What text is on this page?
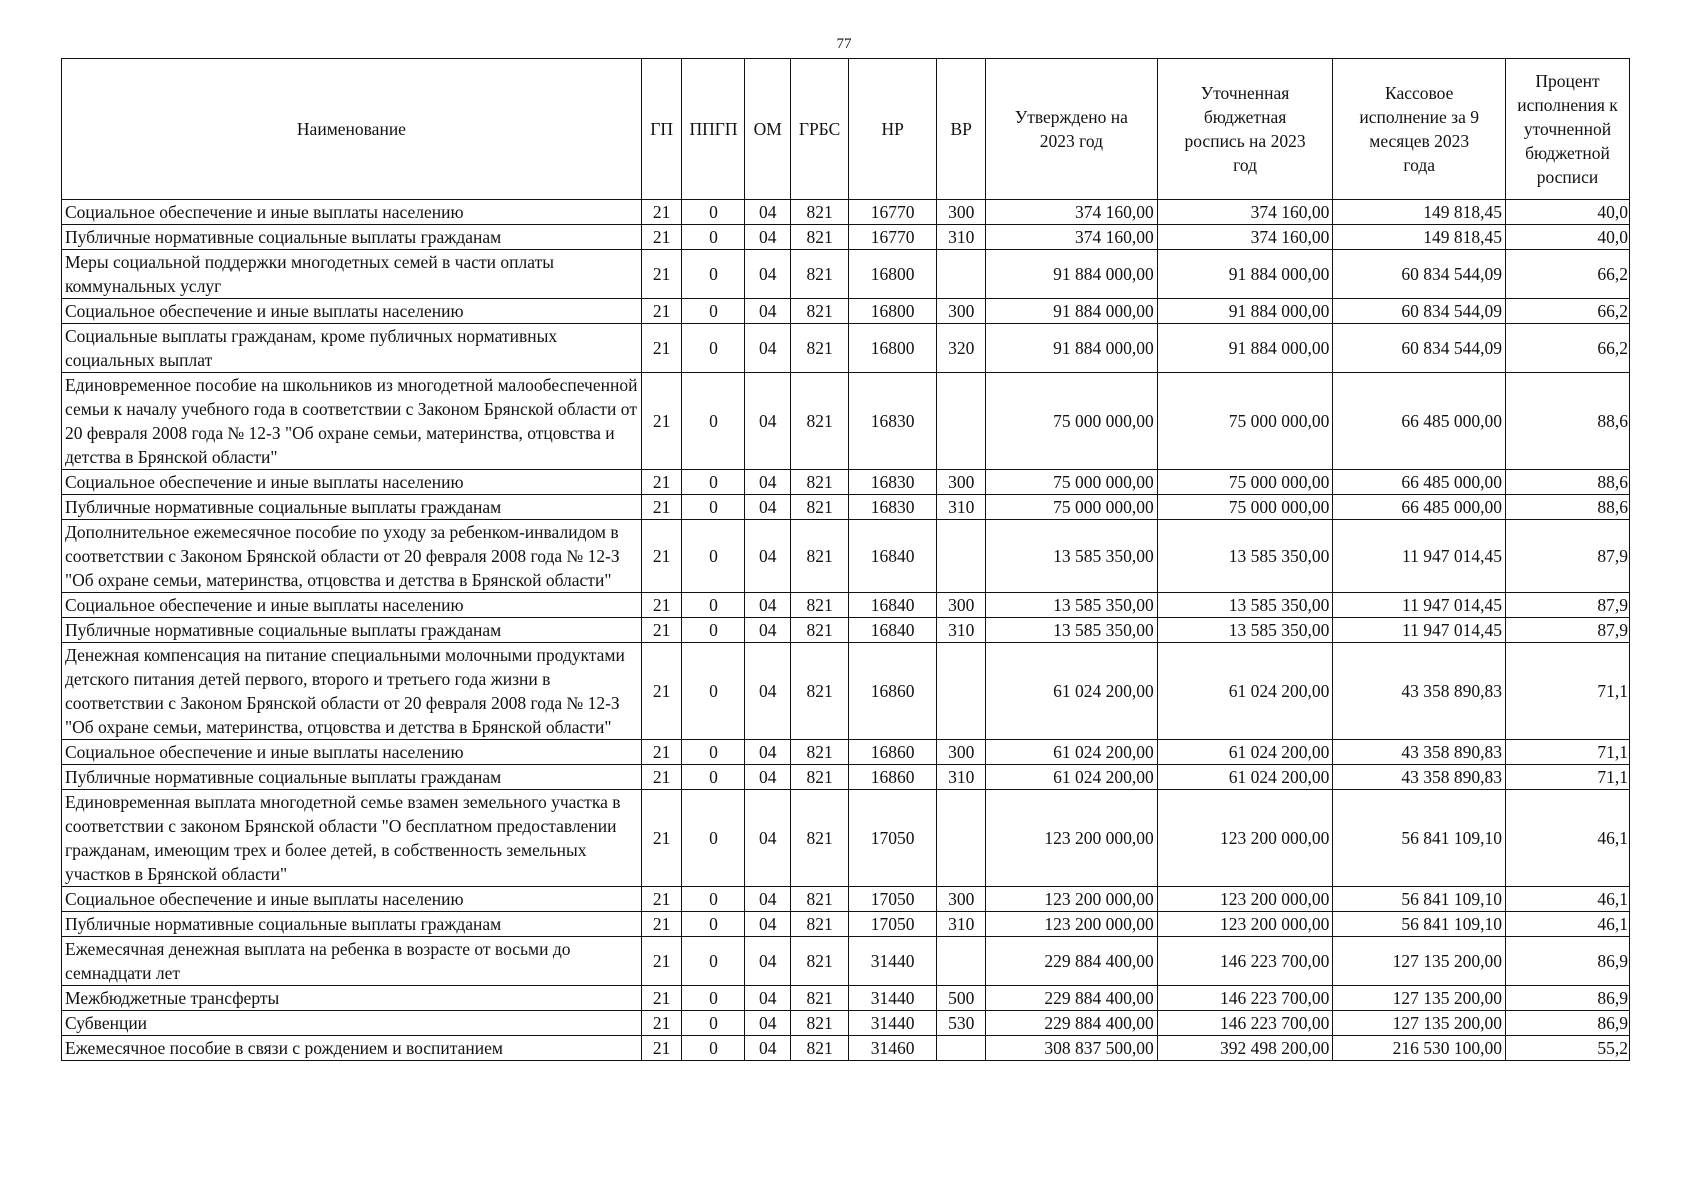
77
Наименование	ГП	ППГП	ОМ	ГРБС	НР	ВР	Утверждено на 2023 год	Уточненная бюджетная роспись на 2023 год	Кассовое исполнение за 9 месяцев 2023 года	Процент исполнения к уточненной бюджетной росписи
Социальное обеспечение и иные выплаты населению	21	0	04	821	16770	300	374 160,00	374 160,00	149 818,45	40,0
Публичные нормативные социальные выплаты гражданам	21	0	04	821	16770	310	374 160,00	374 160,00	149 818,45	40,0
Меры социальной поддержки многодетных семей в части оплаты коммунальных услуг	21	0	04	821	16800		91 884 000,00	91 884 000,00	60 834 544,09	66,2
Социальное обеспечение и иные выплаты населению	21	0	04	821	16800	300	91 884 000,00	91 884 000,00	60 834 544,09	66,2
Социальные выплаты гражданам, кроме публичных нормативных социальных выплат	21	0	04	821	16800	320	91 884 000,00	91 884 000,00	60 834 544,09	66,2
Единовременное пособие на школьников из многодетной малообеспеченной семьи к началу учебного года в соответствии с Законом Брянской области от 20 февраля 2008 года № 12-З "Об охране семьи, материнства, отцовства и детства в Брянской области"	21	0	04	821	16830		75 000 000,00	75 000 000,00	66 485 000,00	88,6
Социальное обеспечение и иные выплаты населению	21	0	04	821	16830	300	75 000 000,00	75 000 000,00	66 485 000,00	88,6
Публичные нормативные социальные выплаты гражданам	21	0	04	821	16830	310	75 000 000,00	75 000 000,00	66 485 000,00	88,6
Дополнительное ежемесячное пособие по уходу за ребенком-инвалидом в соответствии с Законом Брянской области от 20 февраля 2008 года № 12-З "Об охране семьи, материнства, отцовства и детства в Брянской области"	21	0	04	821	16840		13 585 350,00	13 585 350,00	11 947 014,45	87,9
Социальное обеспечение и иные выплаты населению	21	0	04	821	16840	300	13 585 350,00	13 585 350,00	11 947 014,45	87,9
Публичные нормативные социальные выплаты гражданам	21	0	04	821	16840	310	13 585 350,00	13 585 350,00	11 947 014,45	87,9
Денежная компенсация на питание специальными молочными продуктами детского питания детей первого, второго и третьего года жизни в соответствии с Законом Брянской области от 20 февраля 2008 года № 12-З "Об охране семьи, материнства, отцовства и детства в Брянской области"	21	0	04	821	16860		61 024 200,00	61 024 200,00	43 358 890,83	71,1
Социальное обеспечение и иные выплаты населению	21	0	04	821	16860	300	61 024 200,00	61 024 200,00	43 358 890,83	71,1
Публичные нормативные социальные выплаты гражданам	21	0	04	821	16860	310	61 024 200,00	61 024 200,00	43 358 890,83	71,1
Единовременная выплата многодетной семье взамен земельного участка в соответствии с законом Брянской области "О бесплатном предоставлении гражданам, имеющим трех и более детей, в собственность земельных участков в Брянской области"	21	0	04	821	17050		123 200 000,00	123 200 000,00	56 841 109,10	46,1
Социальное обеспечение и иные выплаты населению	21	0	04	821	17050	300	123 200 000,00	123 200 000,00	56 841 109,10	46,1
Публичные нормативные социальные выплаты гражданам	21	0	04	821	17050	310	123 200 000,00	123 200 000,00	56 841 109,10	46,1
Ежемесячная денежная выплата на ребенка в возрасте от восьми до семнадцати лет	21	0	04	821	31440		229 884 400,00	146 223 700,00	127 135 200,00	86,9
Межбюджетные трансферты	21	0	04	821	31440	500	229 884 400,00	146 223 700,00	127 135 200,00	86,9
Субвенции	21	0	04	821	31440	530	229 884 400,00	146 223 700,00	127 135 200,00	86,9
Ежемесячное пособие в связи с рождением и воспитанием	21	0	04	821	31460		308 837 500,00	392 498 200,00	216 530 100,00	55,2
